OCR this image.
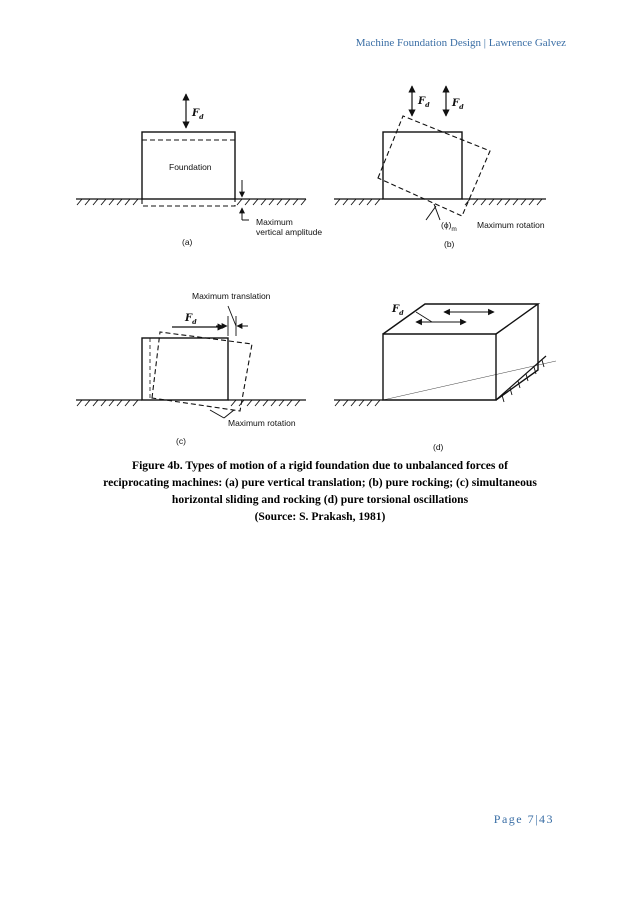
Machine Foundation Design | Lawrence Galvez
$F_d$
Foundation
Maximum
vertical amplitude
(a)
$F_d$ $F_d$
$(\phi)_m$ Maximum rotation
(b)
$F_d$
Maximum translation
Maximum rotation
(c)
$F_d$
(d)
Figure 4b. Types of motion of a rigid foundation due to unbalanced forces of
reciprocating machines: (a) pure vertical translation; (b) pure rocking; (c) simultaneous
horizontal sliding and rocking (d) pure torsional oscillations
(Source: S. Prakash, 1981)
Page 7|43
